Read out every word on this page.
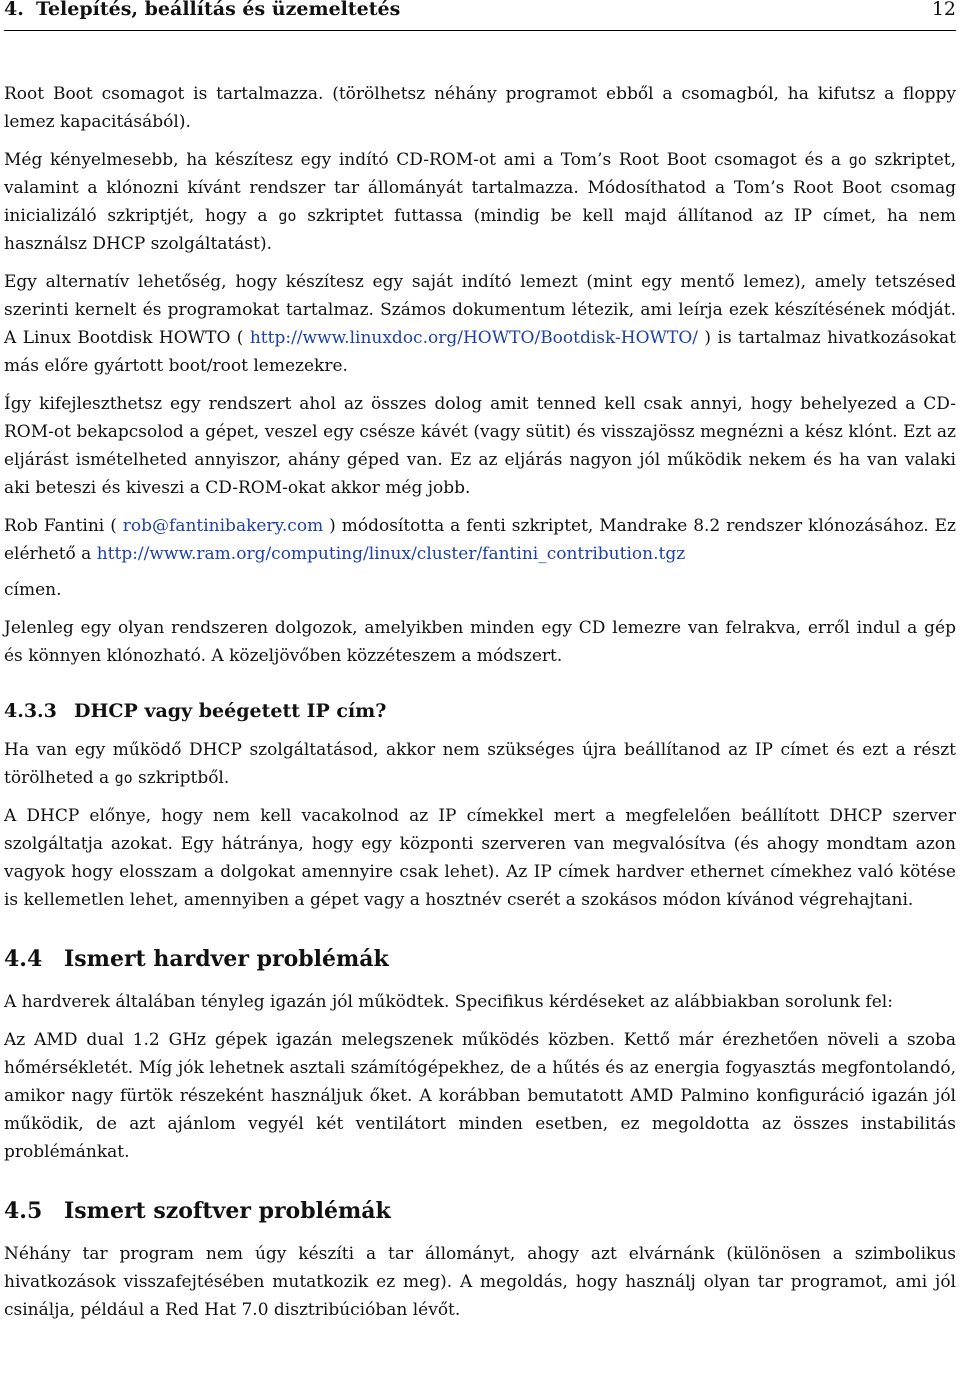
4. Telepítés, beállítás és üzemeltetés	12

Root Boot csomagot is tartalmazza. (törölhetsz néhány programot ebből a csomagból, ha kifutsz a floppy lemez kapacitásából).

Még kényelmesebb, ha készítesz egy indító CD-ROM-ot ami a Tom’s Root Boot csomagot és a go szkriptet, valamint a klónozni kívánt rendszer tar állományát tartalmazza. Módosíthatod a Tom’s Root Boot csomag inicializáló szkriptjét, hogy a go szkriptet futtassa (mindig be kell majd állítanod az IP címet, ha nem használsz DHCP szolgáltatást).

Egy alternatív lehetőség, hogy készítesz egy saját indító lemezt (mint egy mentő lemez), amely tetszésed szerinti kernelt és programokat tartalmaz. Számos dokumentum létezik, ami leírja ezek készítésének módját. A Linux Bootdisk HOWTO ( http://www.linuxdoc.org/HOWTO/Bootdisk-HOWTO/ ) is tartalmaz hivatkozásokat más előre gyártott boot/root lemezekre.

Így kifejleszthetsz egy rendszert ahol az összes dolog amit tenned kell csak annyi, hogy behelyezed a CD-ROM-ot bekapcsolod a gépet, veszel egy csésze kávét (vagy sütit) és visszajössz megnézni a kész klónt. Ezt az eljárást ismételheted annyiszor, ahány géped van. Ez az eljárás nagyon jól működik nekem és ha van valaki aki beteszi és kiveszi a CD-ROM-okat akkor még jobb.

Rob Fantini ( rob@fantinibakery.com ) módosította a fenti szkriptet, Mandrake 8.2 rendszer klónozásához. Ez elérhető a http://www.ram.org/computing/linux/cluster/fantini_contribution.tgz

címen.

Jelenleg egy olyan rendszeren dolgozok, amelyikben minden egy CD lemezre van felrakva, erről indul a gép és könnyen klónozható. A közeljövőben közzéteszem a módszert.

4.3.3 DHCP vagy beégetett IP cím?

Ha van egy működő DHCP szolgáltatásod, akkor nem szükséges újra beállítanod az IP címet és ezt a részt törölheted a go szkriptből.

A DHCP előnye, hogy nem kell vacakolnod az IP címekkel mert a megfelelően beállított DHCP szerver szolgáltatja azokat. Egy hátránya, hogy egy központi szerveren van megvalósítva (és ahogy mondtam azon vagyok hogy elosszam a dolgokat amennyire csak lehet). Az IP címek hardver ethernet címekhez való kötése is kellemetlen lehet, amennyiben a gépet vagy a hosztnév cserét a szokásos módon kívánod végrehajtani.

4.4 Ismert hardver problémák

A hardverek általában tényleg igazán jól működtek. Specifikus kérdéseket az alábbiakban sorolunk fel:

Az AMD dual 1.2 GHz gépek igazán melegszenek működés közben. Kettő már érezhetően növeli a szoba hőmérsékletét. Míg jók lehetnek asztali számítógépekhez, de a hűtés és az energia fogyasztás megfontolandó, amikor nagy fürtök részeként használjuk őket. A korábban bemutatott AMD Palmino konfiguráció igazán jól működik, de azt ajánlom vegyél két ventilátort minden esetben, ez megoldotta az összes instabilitás problémánkat.

4.5 Ismert szoftver problémák

Néhány tar program nem úgy készíti a tar állományt, ahogy azt elvárnánk (különösen a szimbolikus hivatkozások visszafejtésében mutatkozik ez meg). A megoldás, hogy használj olyan tar programot, ami jól csinálja, például a Red Hat 7.0 disztribúcióban lévőt.
